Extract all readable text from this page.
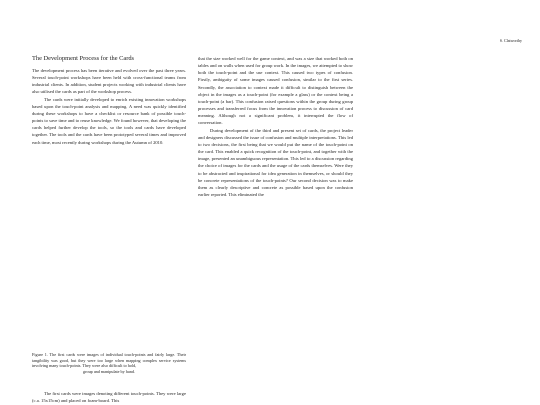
S. Clatworthy
The Development Process for the Cards

The development process has been iterative and evolved over the past three years. Several touch-point workshops have been held with cross-functional teams from industrial clients. In addition, student projects working with industrial clients have also utilised the cards as part of the workshop process.

The cards were initially developed to enrich existing innovation workshops based upon the touch-point analysis and mapping. A need was quickly identified during these workshops to have a checklist or resource bank of possible touch-points to save time and to reuse knowledge. We found however, that developing the cards helped further develop the tools, so the tools and cards have developed together. The tools and the cards have been prototyped several times and improved each time, most recently during workshops during the Autumn of 2010.

Figure 1. The first cards were images of individual touch-points and fairly large. Their tangibility was good, but they were too large when mapping complex service systems involving many touch-points. They were also difficult to hold,
group and manipulate by hand.
The first cards were images denoting different touch-points. They were large (c.a. 15x15cm) and placed on foam-board. This

that the size worked well for the game context, and was a size that worked both on tables and on walls when used for group work. In the images, we attempted to show both the touch-point and the use context. This caused two types of confusion. Firstly, ambiguity of some images caused confusion, similar to the first series. Secondly, the association to context made it difficult to distinguish between the object in the images as a touch-point (for example a glass) or the context being a touch-point (a bar). This confusion raised questions within the group during group processes and transferred focus from the innovation process to discussion of card meaning. Although not a significant problem, it interrupted the flow of conversation.

During development of the third and present set of cards, the project leader and designers discussed the issue of confusion and multiple interpretations. This led to two decisions, the first being that we would put the name of the touch-point on the card. This enabled a quick recognition of the touch-point, and together with the image, presented an unambiguous representation. This led to a discussion regarding the choice of images for the cards and the usage of the cards themselves. Were they to be abstracted and inspirational for idea generation in themselves, or should they be concrete representations of the touch-points? Our second decision was to make them as clearly descriptive and concrete as possible based upon the confusion earlier reported. This eliminated the
